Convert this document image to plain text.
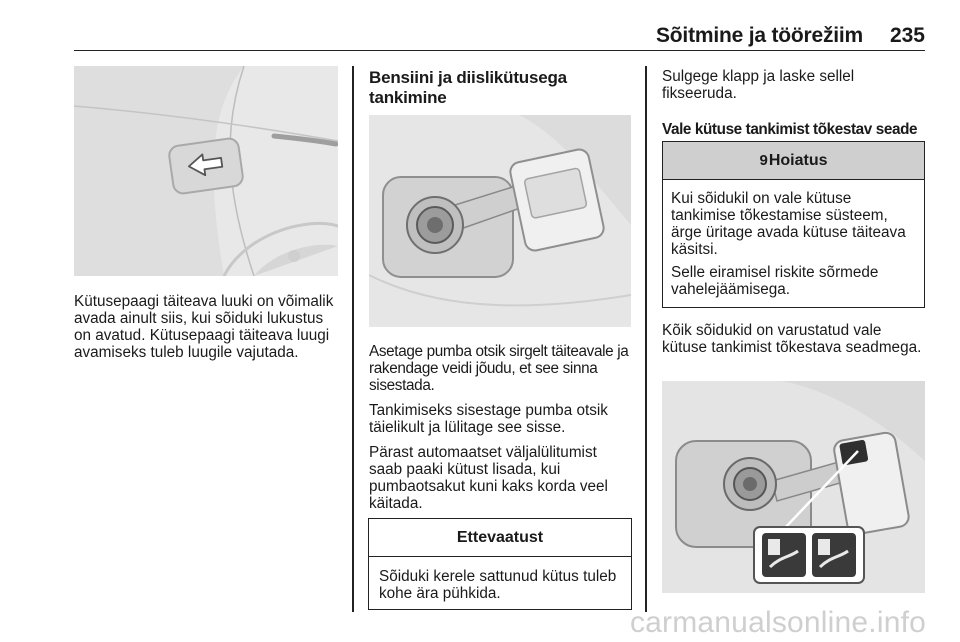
Sõitmine ja töörežiim 235

Kütusepaagi täiteava luuki on võimalik avada ainult siis, kui sõiduki lukustus on avatud. Kütusepaagi täiteava luugi avamiseks tuleb luugile vajutada.

Bensiini ja diislikütusega
tankimine

Asetage pumba otsik sirgelt täiteavale ja rakendage veidi jõudu, et see sinna sisestada.

Tankimiseks sisestage pumba otsik täielikult ja lülitage see sisse.

Pärast automaatset väljalülitumist saab paaki kütust lisada, kui pumbaotsakut kuni kaks korda veel käitada.

Ettevaatust

Sõiduki kerele sattunud kütus tuleb kohe ära pühkida.

Sulgege klapp ja laske sellel fikseeruda.

Vale kütuse tankimist tõkestav seade

9 Hoiatus

Kui sõidukil on vale kütuse tankimise tõkestamise süsteem, ärge üritage avada kütuse täiteava käsitsi.

Selle eiramisel riskite sõrmede vahelejäämisega.

Kõik sõidukid on varustatud vale kütuse tankimist tõkestava seadmega.

carmanualsonline.info
